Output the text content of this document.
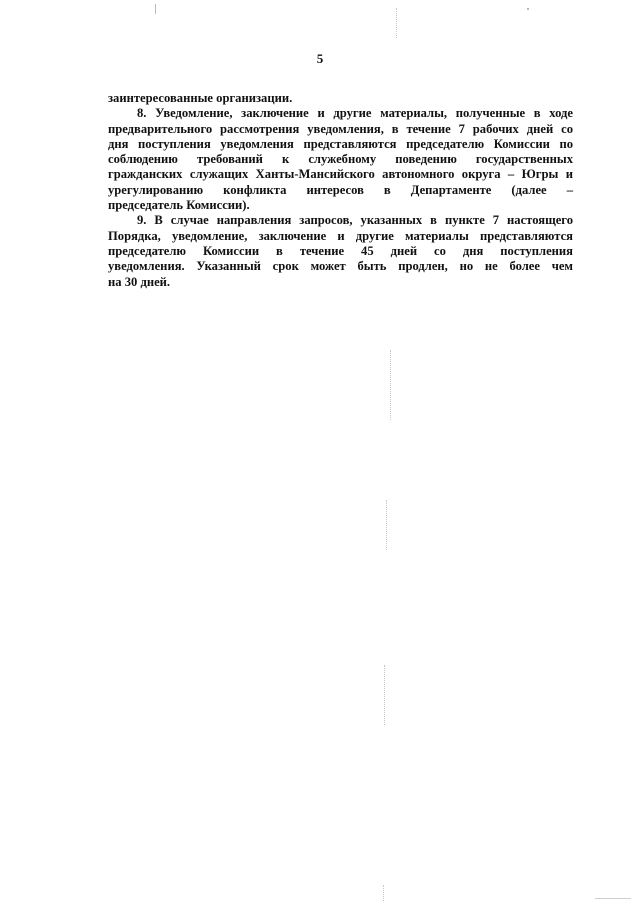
5
заинтересованные организации.
8. Уведомление, заключение и другие материалы, полученные в ходе
предварительного рассмотрения уведомления, в течение 7 рабочих дней со
дня поступления уведомления представляются председателю Комиссии по
соблюдению требований к служебному поведению государственных
гражданских служащих Ханты-Мансийского автономного округа – Югры и
урегулированию конфликта интересов в Департаменте (далее –
председатель Комиссии).
9. В случае направления запросов, указанных в пункте 7 настоящего
Порядка, уведомление, заключение и другие материалы представляются
председателю Комиссии в течение 45 дней со дня поступления
уведомления. Указанный срок может быть продлен, но не более чем
на 30 дней.
